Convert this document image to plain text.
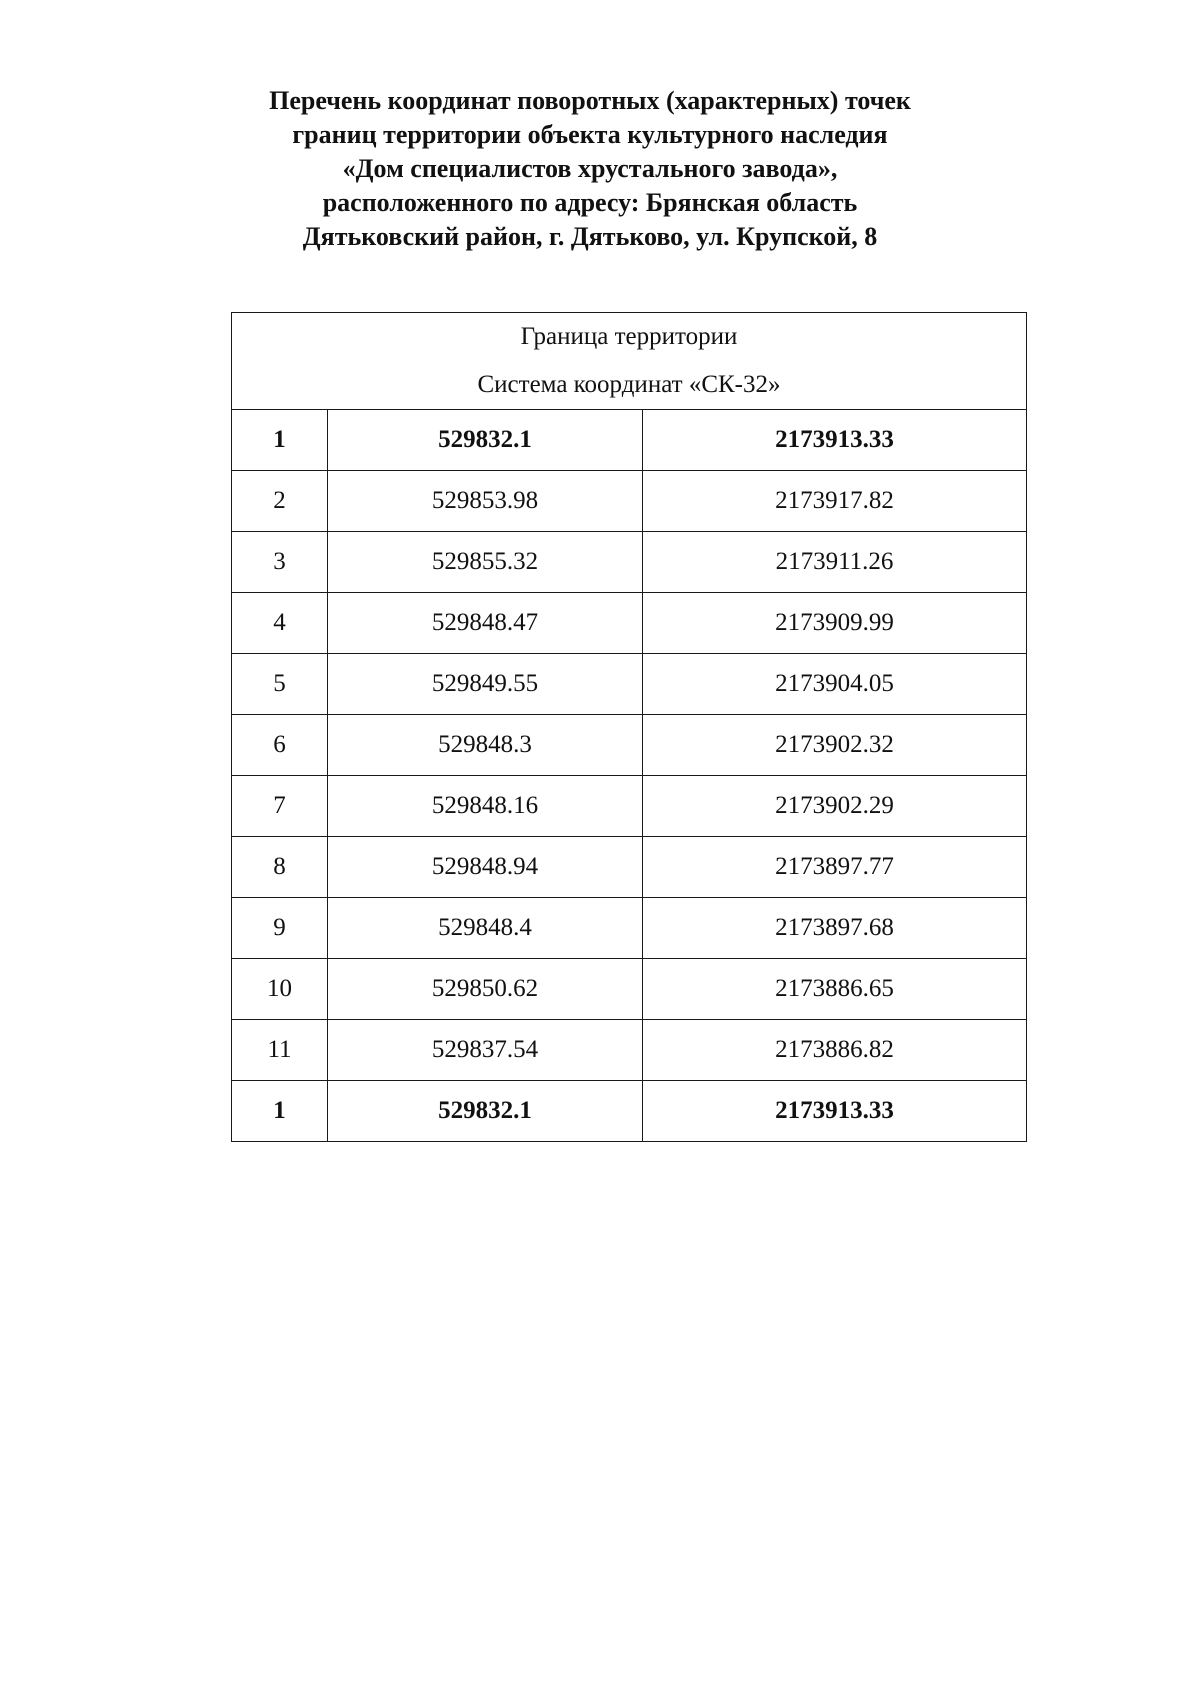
Перечень координат поворотных (характерных) точек
границ территории объекта культурного наследия
«Дом специалистов хрустального завода»,
расположенного по адресу: Брянская область
Дятьковский район, г. Дятьково, ул. Крупской, 8
Граница территории
Система координат «СК-32»		

1	529832.1	2173913.33
2	529853.98	2173917.82
3	529855.32	2173911.26
4	529848.47	2173909.99
5	529849.55	2173904.05
6	529848.3	2173902.32
7	529848.16	2173902.29
8	529848.94	2173897.77
9	529848.4	2173897.68
10	529850.62	2173886.65
11	529837.54	2173886.82
1	529832.1	2173913.33
